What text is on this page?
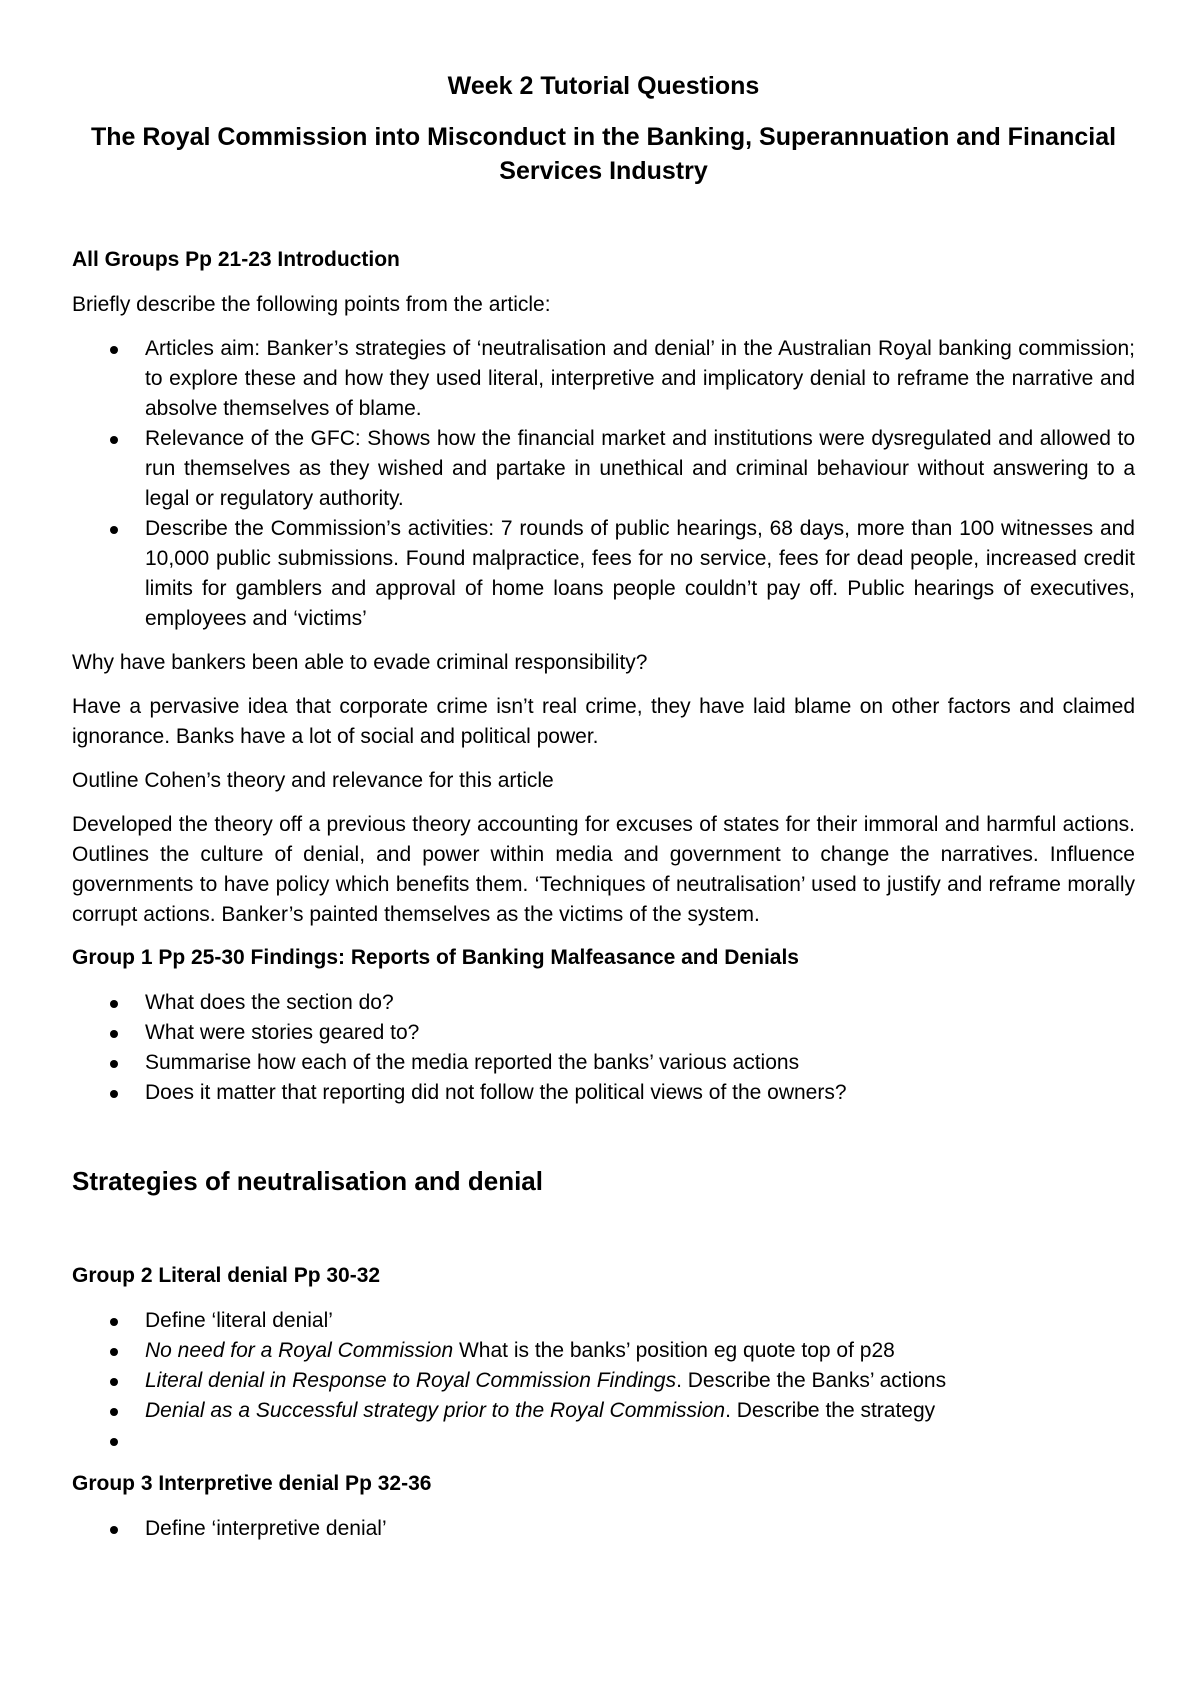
Week 2 Tutorial Questions
The Royal Commission into Misconduct in the Banking, Superannuation and Financial Services Industry
All Groups Pp 21-23 Introduction

Briefly describe the following points from the article:

Articles aim: Banker’s strategies of ‘neutralisation and denial’ in the Australian Royal banking commission; to explore these and how they used literal, interpretive and implicatory denial to reframe the narrative and absolve themselves of blame.
Relevance of the GFC: Shows how the financial market and institutions were dysregulated and allowed to run themselves as they wished and partake in unethical and criminal behaviour without answering to a legal or regulatory authority.
Describe the Commission’s activities: 7 rounds of public hearings, 68 days, more than 100 witnesses and 10,000 public submissions. Found malpractice, fees for no service, fees for dead people, increased credit limits for gamblers and approval of home loans people couldn’t pay off. Public hearings of executives, employees and ‘victims’

Why have bankers been able to evade criminal responsibility?

Have a pervasive idea that corporate crime isn’t real crime, they have laid blame on other factors and claimed ignorance. Banks have a lot of social and political power.

Outline Cohen’s theory and relevance for this article

Developed the theory off a previous theory accounting for excuses of states for their immoral and harmful actions. Outlines the culture of denial, and power within media and government to change the narratives. Influence governments to have policy which benefits them. ‘Techniques of neutralisation’ used to justify and reframe morally corrupt actions. Banker’s painted themselves as the victims of the system.

Group 1 Pp 25-30 Findings: Reports of Banking Malfeasance and Denials
What does the section do?
What were stories geared to?
Summarise how each of the media reported the banks’ various actions
Does it matter that reporting did not follow the political views of the owners?
Strategies of neutralisation and denial
Group 2 Literal denial Pp 30-32
Define ‘literal denial’
No need for a Royal Commission What is the banks’ position eg quote top of p28
Literal denial in Response to Royal Commission Findings. Describe the Banks’ actions
Denial as a Successful strategy prior to the Royal Commission. Describe the strategy
Group 3 Interpretive denial Pp 32-36
Define ‘interpretive denial’
